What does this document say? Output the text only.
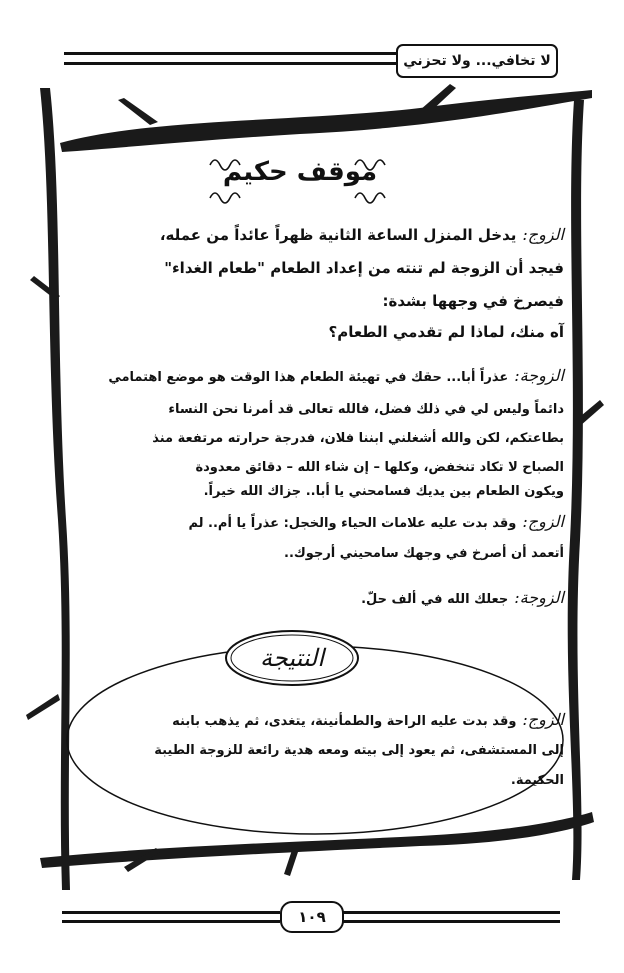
لا تخافي... ولا تحزني
موقف حكيم
الزوج:يدخل المنزل الساعة الثانية ظهراً عائداً من عمله،
فيجد أن الزوجة لم تنته من إعداد الطعام "طعام الغداء"
فيصرخ في وجهها بشدة:
آه منك، لماذا لم تقدمي الطعام؟
الزوجة:عذراً أبا... حقك في تهيئة الطعام هذا الوقت هو موضع اهتمامي
دائماً وليس لي في ذلك فضل، فالله تعالى قد أمرنا نحن النساء
بطاعتكم، لكن والله أشغلني ابننا فلان، فدرجة حرارته مرتفعة منذ
الصباح لا تكاد تنخفض، وكلها – إن شاء الله – دقائق معدودة
ويكون الطعام بين يديك فسامحني يا أبا.. جزاك الله خيراً.
الزوج:وقد بدت عليه علامات الحياء والخجل: عذراً يا أم.. لم
أتعمد أن أصرخ في وجهك سامحيني أرجوك..
الزوجة:جعلك الله في ألف حلّ.
النتيجة
الزوج:وقد بدت عليه الراحة والطمأنينة، يتغدى، ثم يذهب بابنه
إلى المستشفى، ثم يعود إلى بيته ومعه هدية رائعة للزوجة الطيبة
الحكيمة.
١٠٩
